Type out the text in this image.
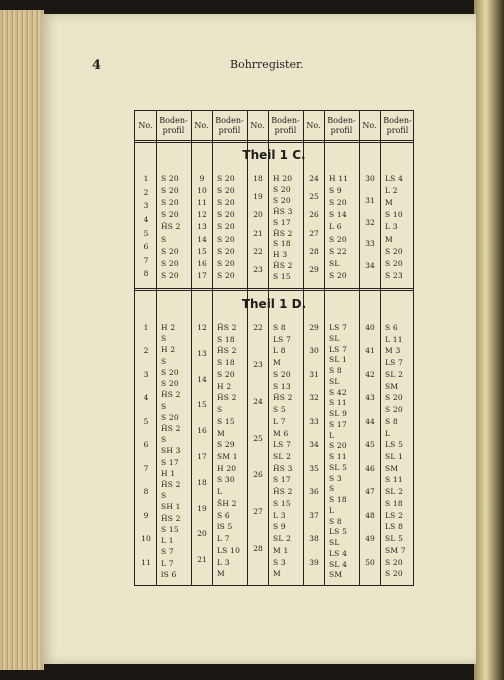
4	Bohrregister.
No.
Boden-
profil
No.
Boden-
profil
No.
Boden-
profil
No.
Boden-
profil
No.
Boden-
profil
Theil 1 C.
Theil 1 D.
1
2
3
4
5
6
7
8
9
10
11
12
13
14
15
16
17
18
19
20
21
22
23
24
25
26
27
28
29
30
31
32
33
34
S 20
S 20
S 20
S 20
ĤS 2
S
S 20
S 20
S 20
S 20
S 20
S 20
S 20
S 20
S 20
S 20
S 20
S 20
H 20
S 20
S 20
ĤS 3
S 17
ĤS 2
S 18
H 3
ĤS 2
S 15
H 11
S 9
S 20
S 14
L 6
S 20
S 22
SL
S 20
LS 4
L 2
M
S 10
L 3
M
S 20
S 20
S 23
1
2
3
4
5
6
7
8
9
10
11
12
13
14
15
16
17
18
19
20
21
22
23
24
25
26
27
28
29
30
31
32
33
34
35
36
37
38
39
40
41
42
43
44
45
46
47
48
49
50
H 2
S
H 2
S
S 20
S 20
ĤS 2
S
S 20
ĤS 2
S
SH 3
S 17
H 1
ĤS 2
S
SH 1
ĤS 2
S 15
L 1
S 7
L 7
lS 6
ĤS 2
S 18
ĤS 2
S 18
S 20
H 2
ĤS 2
S
S 15
M
S 29
SM 1
H 20
S 30
L
ŜH 2
S 6
lS 5
L 7
LS 10
L 3
M
S 8
LS 7
L 8
M
S 20
S 13
ĤS 2
S 5
L 7
M 6
LS 7
SL 2
ĤS 3
S 17
ĤS 2
S 15
L 3
S 9
SL 2
M 1
S 3
M
LS 7
SL
LS 7
SL 1
S 8
SL
S 42
S 11
SL 9
S 17
L
S 20
S 11
SL 5
S 3
S
S 18
L
S 8
LS 5
SL
LS 4
SL 4
SM
S 6
L 11
M 3
LS 7
SL 2
SM
S 20
S 20
S 8
L
LS 5
SL 1
SM
S 11
SL 2
S 18
LS 2
LS 8
SL 5
SM 7
S 20
S 20
